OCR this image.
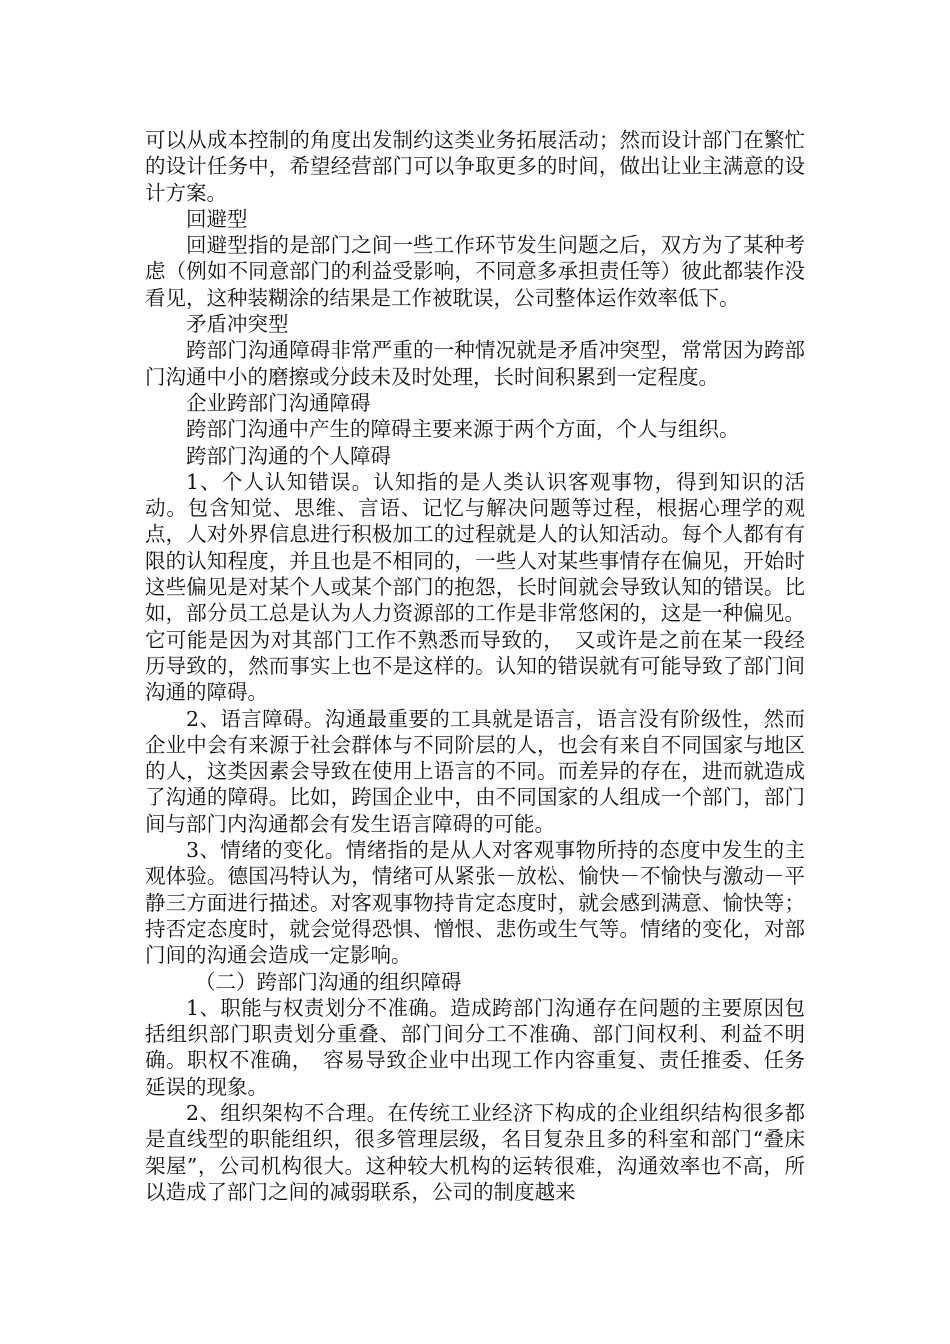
可以从成本控制的角度出发制约这类业务拓展活动；然而设计部门在繁忙的设计任务中，希望经营部门可以争取更多的时间，做出让业主满意的设计方案。

回避型

回避型指的是部门之间一些工作环节发生问题之后，双方为了某种考虑（例如不同意部门的利益受影响，不同意多承担责任等）彼此都装作没看见，这种装糊涂的结果是工作被耽误，公司整体运作效率低下。

矛盾冲突型

跨部门沟通障碍非常严重的一种情况就是矛盾冲突型，常常因为跨部门沟通中小的磨擦或分歧未及时处理，长时间积累到一定程度。

企业跨部门沟通障碍

跨部门沟通中产生的障碍主要来源于两个方面，个人与组织。

跨部门沟通的个人障碍

1、个人认知错误。认知指的是人类认识客观事物，得到知识的活动。包含知觉、思维、言语、记忆与解决问题等过程，根据心理学的观点，人对外界信息进行积极加工的过程就是人的认知活动。每个人都有有限的认知程度，并且也是不相同的，一些人对某些事情存在偏见，开始时这些偏见是对某个人或某个部门的抱怨，长时间就会导致认知的错误。比如，部分员工总是认为人力资源部的工作是非常悠闲的，这是一种偏见。它可能是因为对其部门工作不熟悉而导致的，　又或许是之前在某一段经历导致的，然而事实上也不是这样的。认知的错误就有可能导致了部门间沟通的障碍。

2、语言障碍。沟通最重要的工具就是语言，语言没有阶级性，然而企业中会有来源于社会群体与不同阶层的人，也会有来自不同国家与地区的人，这类因素会导致在使用上语言的不同。而差异的存在，进而就造成了沟通的障碍。比如，跨国企业中，由不同国家的人组成一个部门，部门间与部门内沟通都会有发生语言障碍的可能。

3、情绪的变化。情绪指的是从人对客观事物所持的态度中发生的主观体验。德国冯特认为，情绪可从紧张－放松、愉快－不愉快与激动－平静三方面进行描述。对客观事物持肯定态度时，就会感到满意、愉快等；持否定态度时，就会觉得恐惧、憎恨、悲伤或生气等。情绪的变化，对部门间的沟通会造成一定影响。

（二）跨部门沟通的组织障碍

1、职能与权责划分不准确。造成跨部门沟通存在问题的主要原因包括组织部门职责划分重叠、部门间分工不准确、部门间权利、利益不明确。职权不准确，　容易导致企业中出现工作内容重复、责任推委、任务延误的现象。

2、组织架构不合理。在传统工业经济下构成的企业组织结构很多都是直线型的职能组织，很多管理层级，名目复杂且多的科室和部门“叠床架屋”，公司机构很大。这种较大机构的运转很难，沟通效率也不高，所以造成了部门之间的减弱联系，公司的制度越来
